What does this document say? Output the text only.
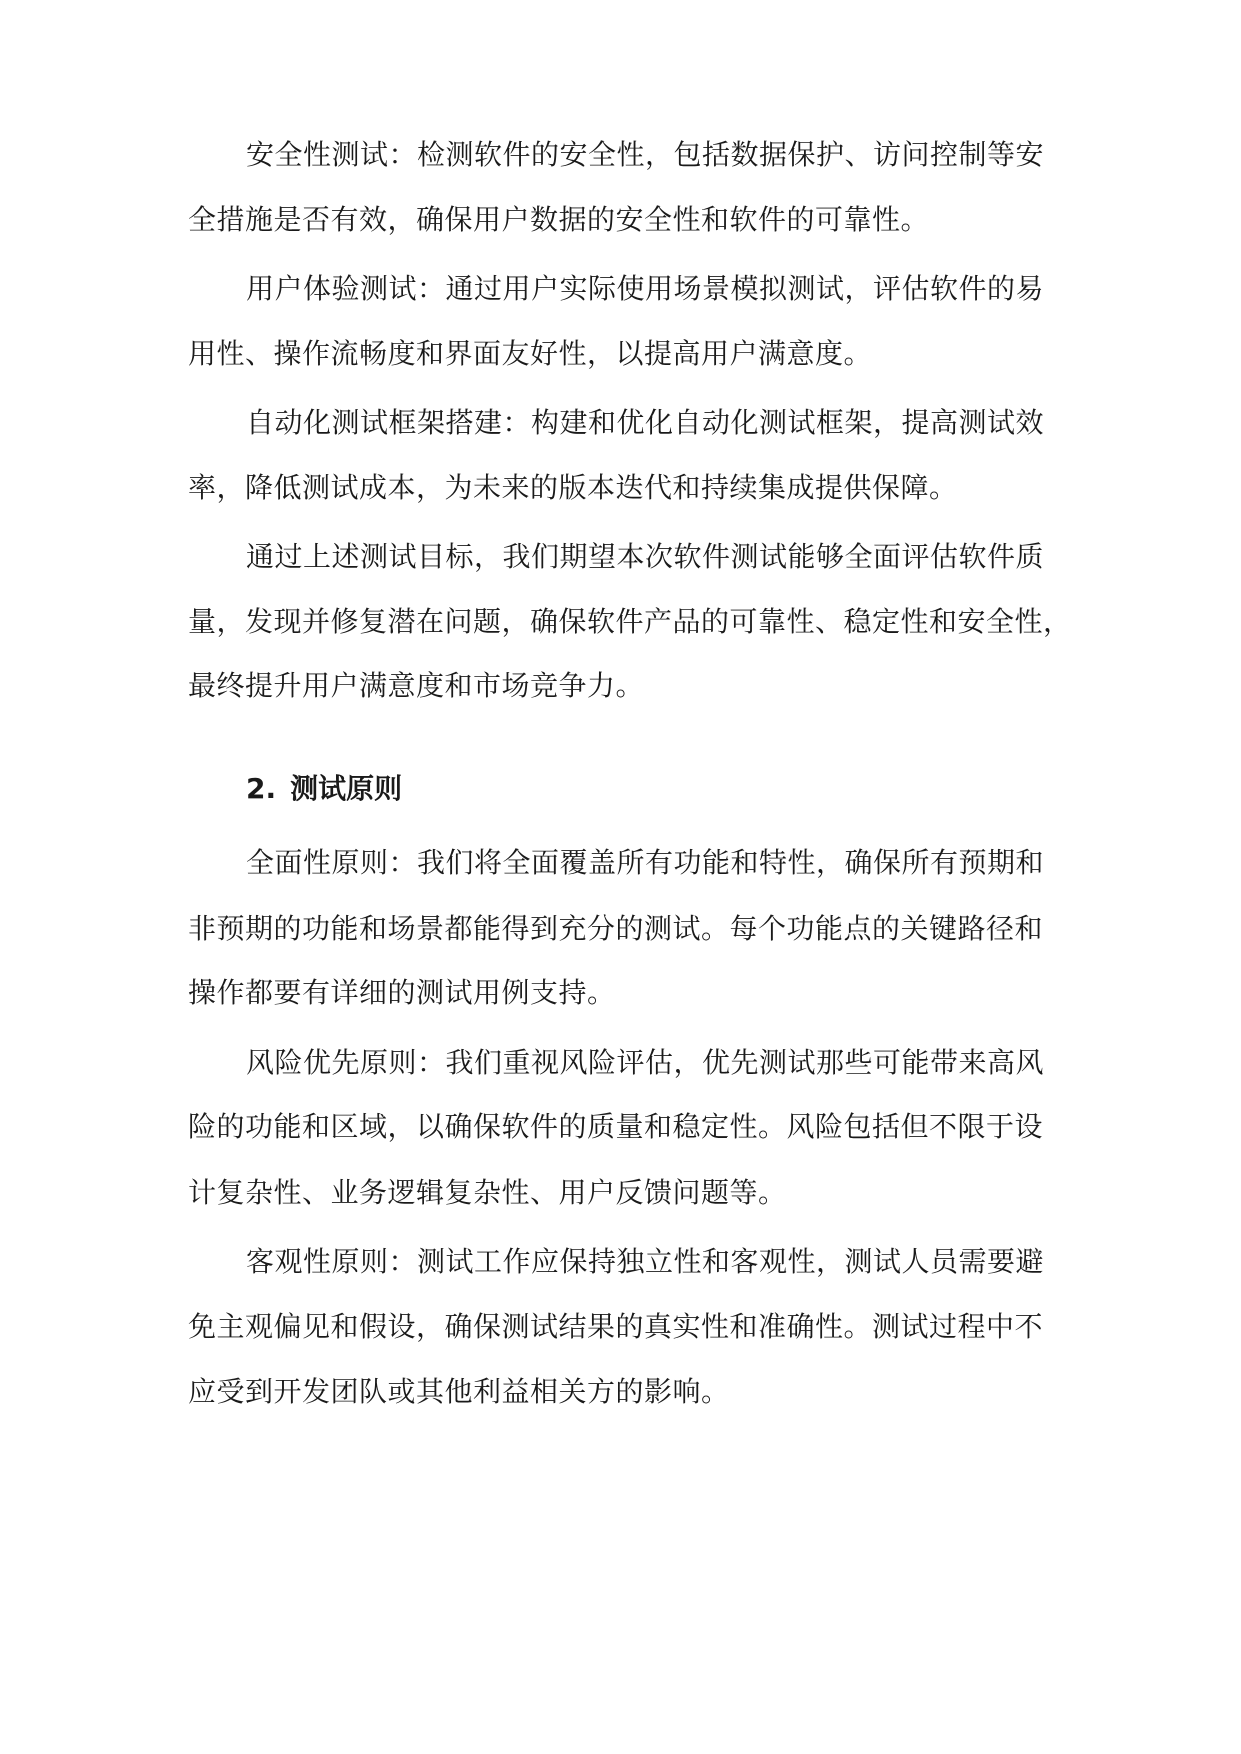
安全性测试：检测软件的安全性，包括数据保护、访问控制等安
全措施是否有效，确保用户数据的安全性和软件的可靠性。
用户体验测试：通过用户实际使用场景模拟测试，评估软件的易
用性、操作流畅度和界面友好性，以提高用户满意度。
自动化测试框架搭建：构建和优化自动化测试框架，提高测试效
率，降低测试成本，为未来的版本迭代和持续集成提供保障。
通过上述测试目标，我们期望本次软件测试能够全面评估软件质
量，发现并修复潜在问题，确保软件产品的可靠性、稳定性和安全性，
最终提升用户满意度和市场竞争力。
2. 测试原则
全面性原则：我们将全面覆盖所有功能和特性，确保所有预期和
非预期的功能和场景都能得到充分的测试。每个功能点的关键路径和
操作都要有详细的测试用例支持。
风险优先原则：我们重视风险评估，优先测试那些可能带来高风
险的功能和区域，以确保软件的质量和稳定性。风险包括但不限于设
计复杂性、业务逻辑复杂性、用户反馈问题等。
客观性原则：测试工作应保持独立性和客观性，测试人员需要避
免主观偏见和假设，确保测试结果的真实性和准确性。测试过程中不
应受到开发团队或其他利益相关方的影响。
